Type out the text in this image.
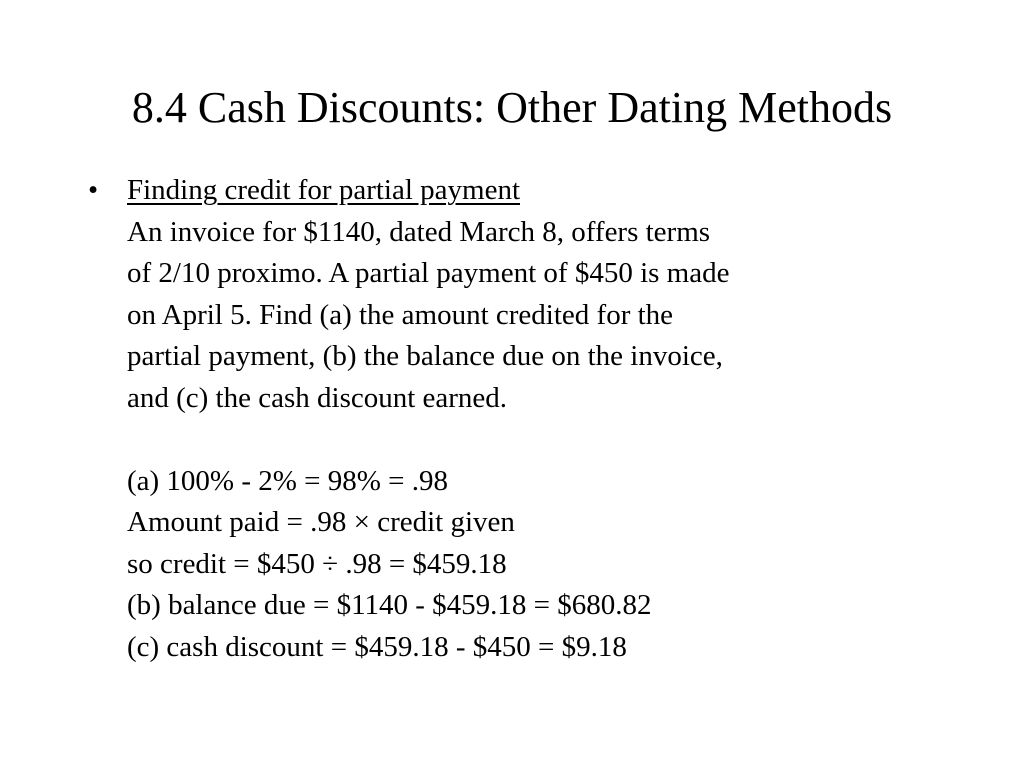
8.4 Cash Discounts: Other Dating Methods
• Finding credit for partial payment
An invoice for $1140, dated March 8, offers terms
of 2/10 proximo. A partial payment of $450 is made
on April 5. Find (a) the amount credited for the
partial payment, (b) the balance due on the invoice,
and (c) the cash discount earned.
(a) 100% - 2% = 98% = .98
Amount paid = .98 × credit given
so credit = $450 ÷ .98 = $459.18
(b) balance due = $1140 - $459.18 = $680.82
(c) cash discount = $459.18 - $450 = $9.18
